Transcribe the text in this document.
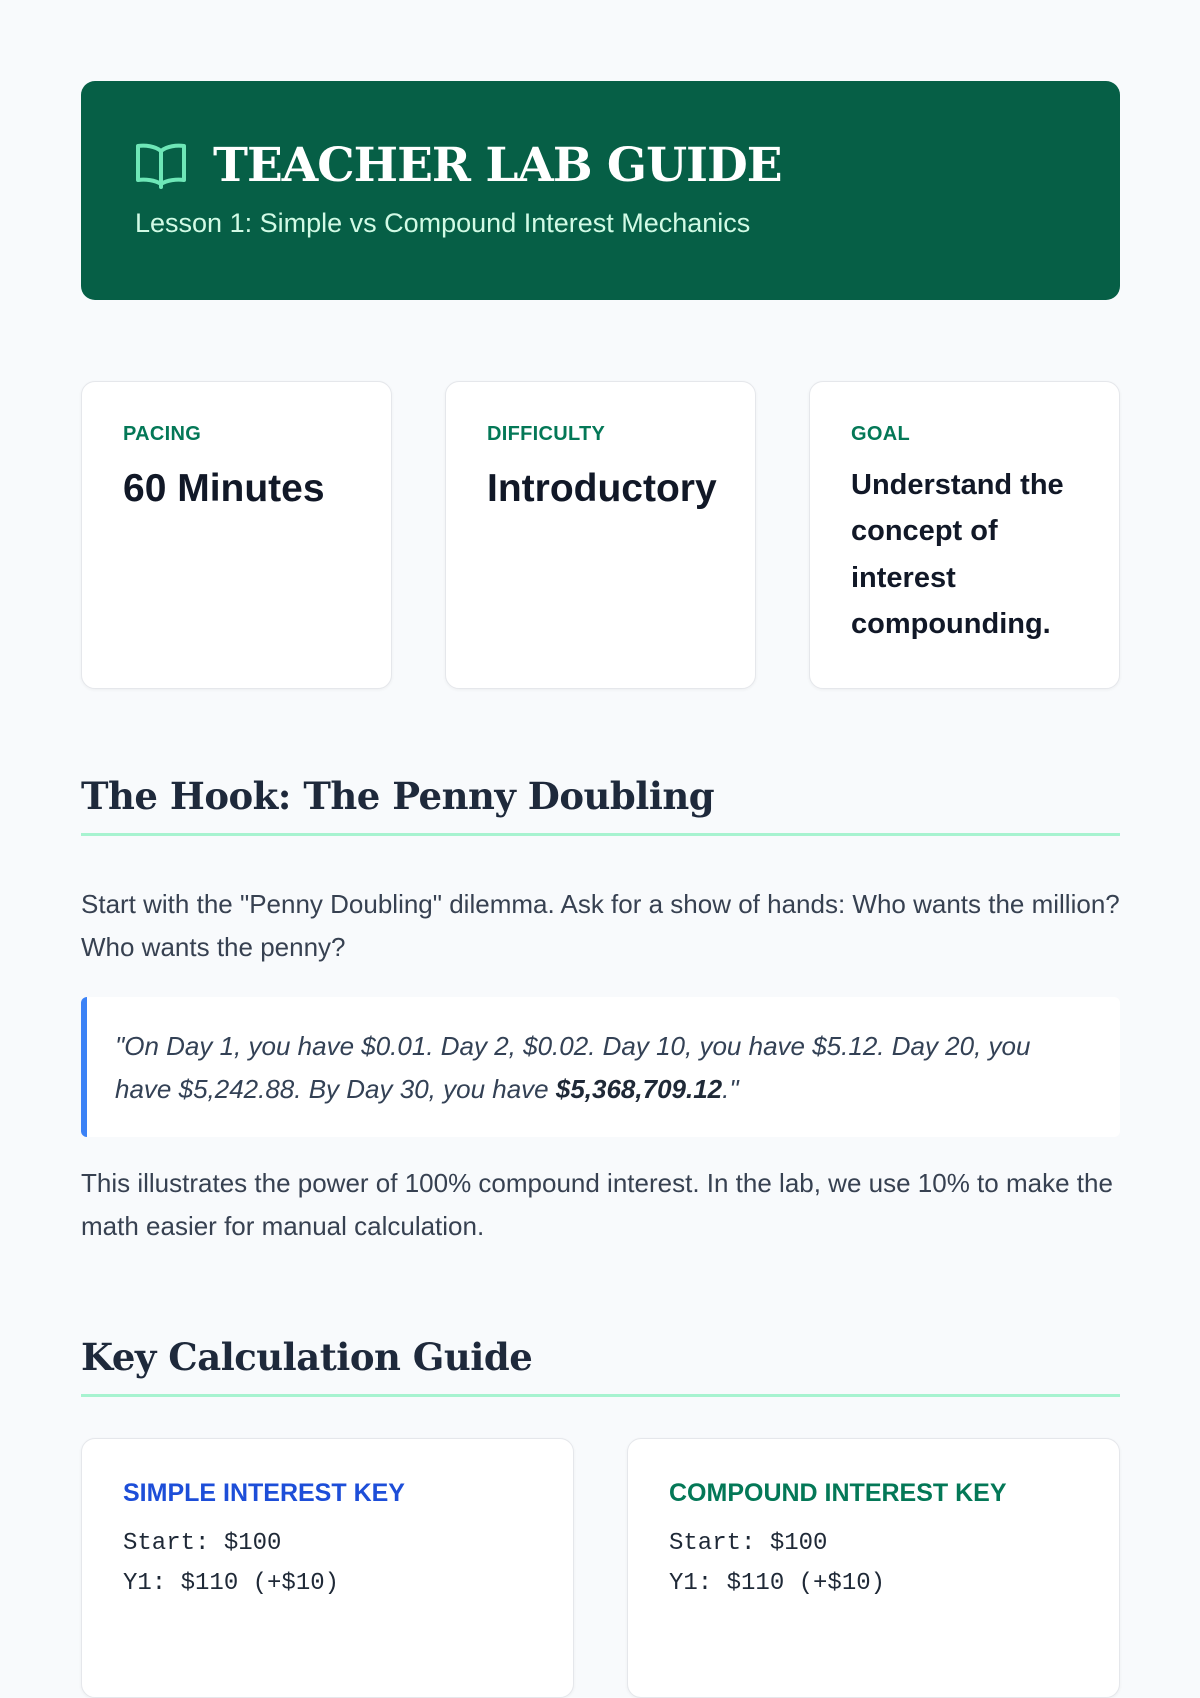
TEACHER LAB GUIDE
Lesson 1: Simple vs Compound Interest Mechanics
PACING
60 Minutes
DIFFICULTY
Introductory
GOAL
Understand the concept of interest compounding.
The Hook: The Penny Doubling
Start with the "Penny Doubling" dilemma. Ask for a show of hands: Who wants the million? Who wants the penny?
"On Day 1, you have $0.01. Day 2, $0.02. Day 10, you have $5.12. Day 20, you have $5,242.88. By Day 30, you have $5,368,709.12."
This illustrates the power of 100% compound interest. In the lab, we use 10% to make the math easier for manual calculation.
Key Calculation Guide
SIMPLE INTEREST KEY
Start: $100
Y1: $110 (+$10)
COMPOUND INTEREST KEY
Start: $100
Y1: $110 (+$10)
